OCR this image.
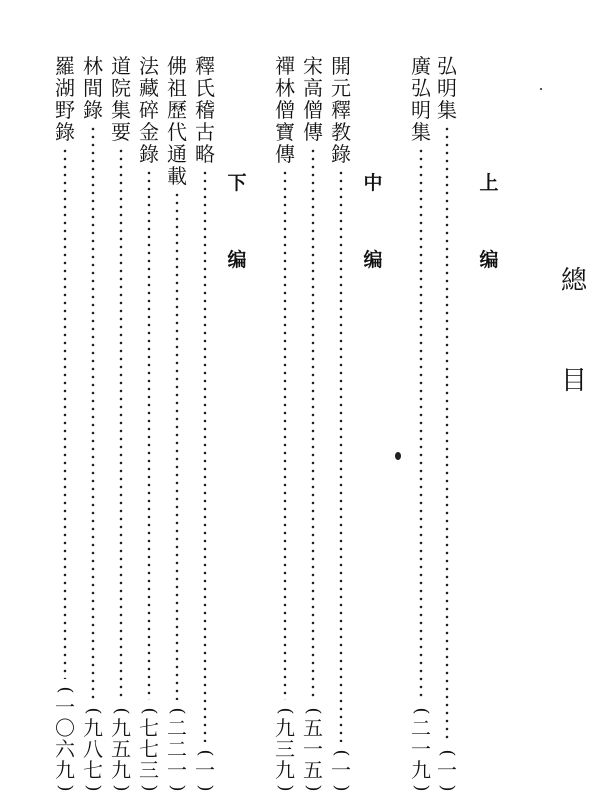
總
目
上
编
弘
明
集
(
一
)
廣
弘
明
集
(
二
一
九
)
中
编
開
元
釋
教
錄
(
一
)
宋
高
僧
傳
(
五
一
五
)
禪
林
僧
寶
傳
(
九
三
九
)
下
编
釋
氏
稽
古
略
(
一
)
佛
祖
歷
代
通
載
(
二
二
一
)
法
藏
碎
金
錄
(
七
七
三
)
道
院
集
要
(
九
五
九
)
林
間
錄
(
九
八
七
)
羅
湖
野
錄
(
一
〇
六
九
)
